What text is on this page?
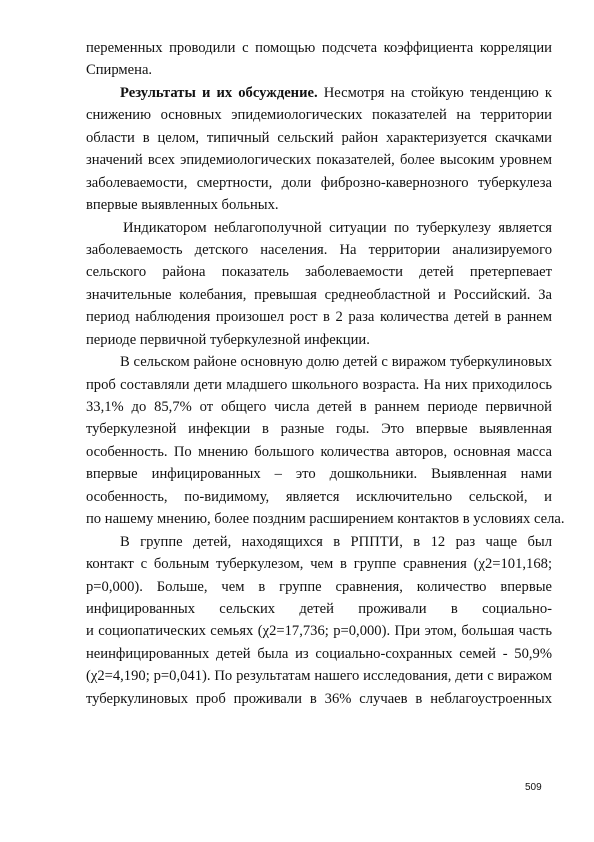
переменных проводили с помощью подсчета коэффициента корреляции
Спирмена.
Результаты и их обсуждение. Несмотря на стойкую тенденцию к
снижению основных эпидемиологических показателей на территории
области в целом, типичный сельский район характеризуется скачками
значений всех эпидемиологических показателей, более высоким уровнем
заболеваемости, смертности, доли фиброзно-кавернозного туберкулеза
впервые выявленных больных.
Индикатором неблагополучной ситуации по туберкулезу является
заболеваемость детского населения. На территории анализируемого
сельского района показатель заболеваемости детей претерпевает
значительные колебания, превышая среднеобластной и Российский. За
период наблюдения произошел рост в 2 раза количества детей в раннем
периоде первичной туберкулезной инфекции.
В сельском районе основную долю детей с виражом туберкулиновых
проб составляли дети младшего школьного возраста. На них приходилось
33,1% до 85,7% от общего числа детей в раннем периоде первичной
туберкулезной инфекции в разные годы. Это впервые выявленная
особенность. По мнению большого количества авторов, основная масса
впервые инфицированных – это дошкольники. Выявленная нами
особенность, по-видимому, является исключительно сельской, и
по нашему мнению, более поздним расширением контактов в условиях села.
В группе детей, находящихся в РППТИ, в 12 раз чаще был
контакт с больным туберкулезом, чем в группе сравнения (χ2=101,168;
p=0,000). Больше, чем в группе сравнения, количество впервые
инфицированных сельских детей проживали в социально-
и социопатических семьях (χ2=17,736; p=0,000). При этом, большая часть
неинфицированных детей была из социально-сохранных семей - 50,9%
(χ2=4,190; p=0,041). По результатам нашего исследования, дети с виражом
туберкулиновых проб проживали в 36% случаев в неблагоустроенных
509
